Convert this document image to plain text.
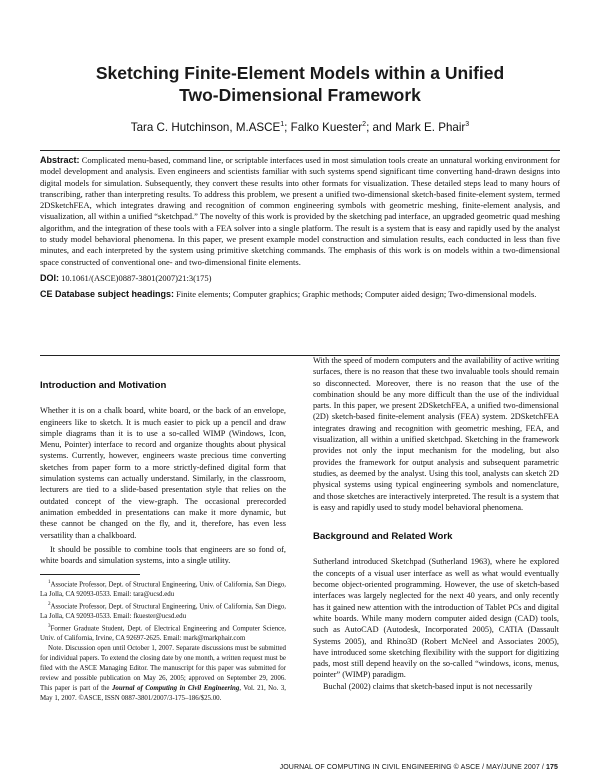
Sketching Finite-Element Models within a Unified
Two-Dimensional Framework
Tara C. Hutchinson, M.ASCE$^1$; Falko Kuester$^2$; and Mark E. Phair$^3$

Abstract: Complicated menu-based, command line, or scriptable interfaces used in most simulation tools create an unnatural working environment for model development and analysis. Even engineers and scientists familiar with such systems spend significant time converting hand-drawn designs into digital models for simulation. Subsequently, they convert these results into other formats for visualization. These detailed steps lead to many hours of transcribing, rather than interpreting results. To address this problem, we present a unified two-dimensional sketch-based finite-element system, termed 2DSketchFEA, which integrates drawing and recognition of common engineering symbols with geometric meshing, finite-element analysis, and visualization, all within a unified “sketchpad.” The novelty of this work is provided by the sketching pad interface, an upgraded geometric quad meshing algorithm, and the integration of these tools with a FEA solver into a single platform. The result is a system that is easy and rapidly used by the analyst to study model behavioral phenomena. In this paper, we present example model construction and simulation results, each conducted in less than five minutes, and each interpreted by the system using primitive sketching commands. The emphasis of this work is on models within a two-dimensional space constructed of conventional one- and two-dimensional finite elements.

DOI: 10.1061/(ASCE)0887-3801(2007)21:3(175)

CE Database subject headings: Finite elements; Computer graphics; Graphic methods; Computer aided design; Two-dimensional models.

Introduction and Motivation

Whether it is on a chalk board, white board, or the back of an envelope, engineers like to sketch. It is much easier to pick up a pencil and draw simple diagrams than it is to use a so-called WIMP (Windows, Icon, Menu, Pointer) interface to record and organize thoughts about physical systems. Currently, however, engineers waste precious time converting sketches from paper form to a more strictly-defined digital form that simulation systems can actually understand. Similarly, in the classroom, lecturers are tied to a slide-based presentation style that relies on the outdated concept of the view-graph. The occasional prerecorded animation embedded in presentations can make it more dynamic, but these cannot be changed on the fly, and it, therefore, has even less versatility than a chalkboard.

It should be possible to combine tools that engineers are so fond of, white boards and simulation systems, into a single utility.

$^1$Associate Professor, Dept. of Structural Engineering, Univ. of California, San Diego, La Jolla, CA 92093-0533. Email: tara@ucsd.edu

$^2$Associate Professor, Dept. of Structural Engineering, Univ. of California, San Diego, La Jolla, CA 92093-0533. Email: fkuester@ucsd.edu

$^3$Former Graduate Student, Dept. of Electrical Engineering and Computer Science, Univ. of California, Irvine, CA 92697-2625. Email: mark@markphair.com

Note. Discussion open until October 1, 2007. Separate discussions must be submitted for individual papers. To extend the closing date by one month, a written request must be filed with the ASCE Managing Editor. The manuscript for this paper was submitted for review and possible publication on May 26, 2005; approved on September 29, 2006. This paper is part of the Journal of Computing in Civil Engineering, Vol. 21, No. 3, May 1, 2007. ©ASCE, ISSN 0887-3801/2007/3-175–186/$25.00.

With the speed of modern computers and the availability of active writing surfaces, there is no reason that these two invaluable tools should remain so disconnected. Moreover, there is no reason that the use of the combination should be any more difficult than the use of the individual parts. In this paper, we present 2DSketchFEA, a unified two-dimensional (2D) sketch-based finite-element analysis (FEA) system. 2DSketchFEA integrates drawing and recognition with geometric meshing, FEA, and visualization, all within a unified sketchpad. Sketching in the framework provides not only the input mechanism for the modeling, but also provides the framework for output analysis and subsequent parametric studies, as deemed by the analyst. Using this tool, analysts can sketch 2D physical systems using typical engineering symbols and nomenclature, and those sketches are interactively interpreted. The result is a system that is easy and rapidly used to study model behavioral phenomena.

Background and Related Work

Sutherland introduced Sketchpad (Sutherland 1963), where he explored the concepts of a visual user interface as well as what would eventually become object-oriented programming. However, the use of sketch-based interfaces was largely neglected for the next 40 years, and only recently has it gained new attention with the introduction of Tablet PCs and digital white boards. While many modern computer aided design (CAD) tools, such as AutoCAD (Autodesk, Incorporated 2005), CATIA (Dassault Systems 2005), and Rhino3D (Robert McNeel and Associates 2005), have introduced some sketching flexibility with the support for digitizing pads, most still depend heavily on the so-called “windows, icons, menus, pointer” (WIMP) paradigm.

Buchal (2002) claims that sketch-based input is not necessarily

JOURNAL OF COMPUTING IN CIVIL ENGINEERING © ASCE / MAY/JUNE 2007 / 175
